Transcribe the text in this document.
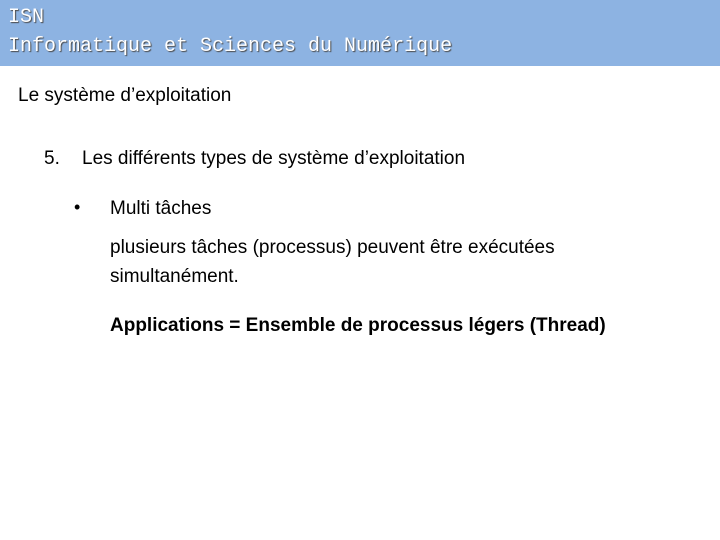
ISN
Informatique et Sciences du Numérique
Le système d’exploitation
5. Les différents types de système d’exploitation
• Multi tâches
plusieurs tâches (processus) peuvent être exécutées simultanément.
Applications = Ensemble de processus légers (Thread)
